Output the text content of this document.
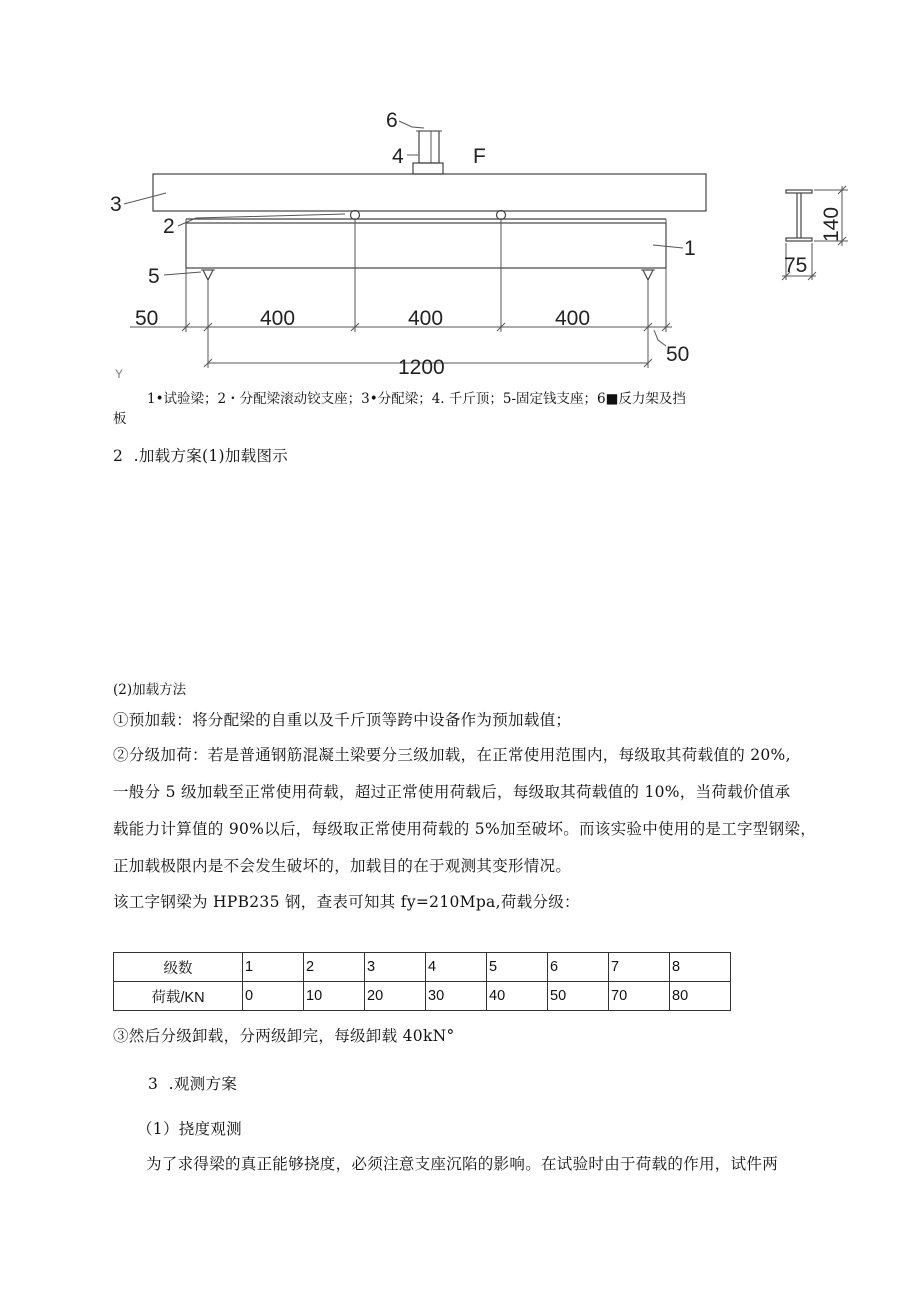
6
4	F
3
2
1
5
50	400	400	400
50
1200
Y
140
75
1•试验梁；2・分配梁滚动铰支座；3•分配梁；4. 千斤顶；5-固定钱支座；6■反力架及挡
板
2  .加载方案(1)加载图示
(2)加载方法
①预加载：将分配梁的自重以及千斤顶等跨中设备作为预加载值；
②分级加荷：若是普通钢筋混凝土梁要分三级加载，在正常使用范围内，每级取其荷载值的 20%,
一般分 5 级加载至正常使用荷载，超过正常使用荷载后，每级取其荷载值的 10%，当荷载价值承
载能力计算值的 90%以后，每级取正常使用荷载的 5%加至破坏。而该实验中使用的是工字型钢梁，
正加载极限内是不会发生破坏的，加载目的在于观测其变形情况。
该工字钢梁为 HPB235 钢，查表可知其 fy=210Mpa,荷载分级：
级数	1	2	3	4	5	6	7	8
荷载/KN	0	10	20	30	40	50	70	80
③然后分级卸载，分两级卸完，每级卸载 40kN°
3  .观测方案
（1）挠度观测
为了求得梁的真正能够挠度，必须注意支座沉陷的影响。在试验时由于荷载的作用，试件两
